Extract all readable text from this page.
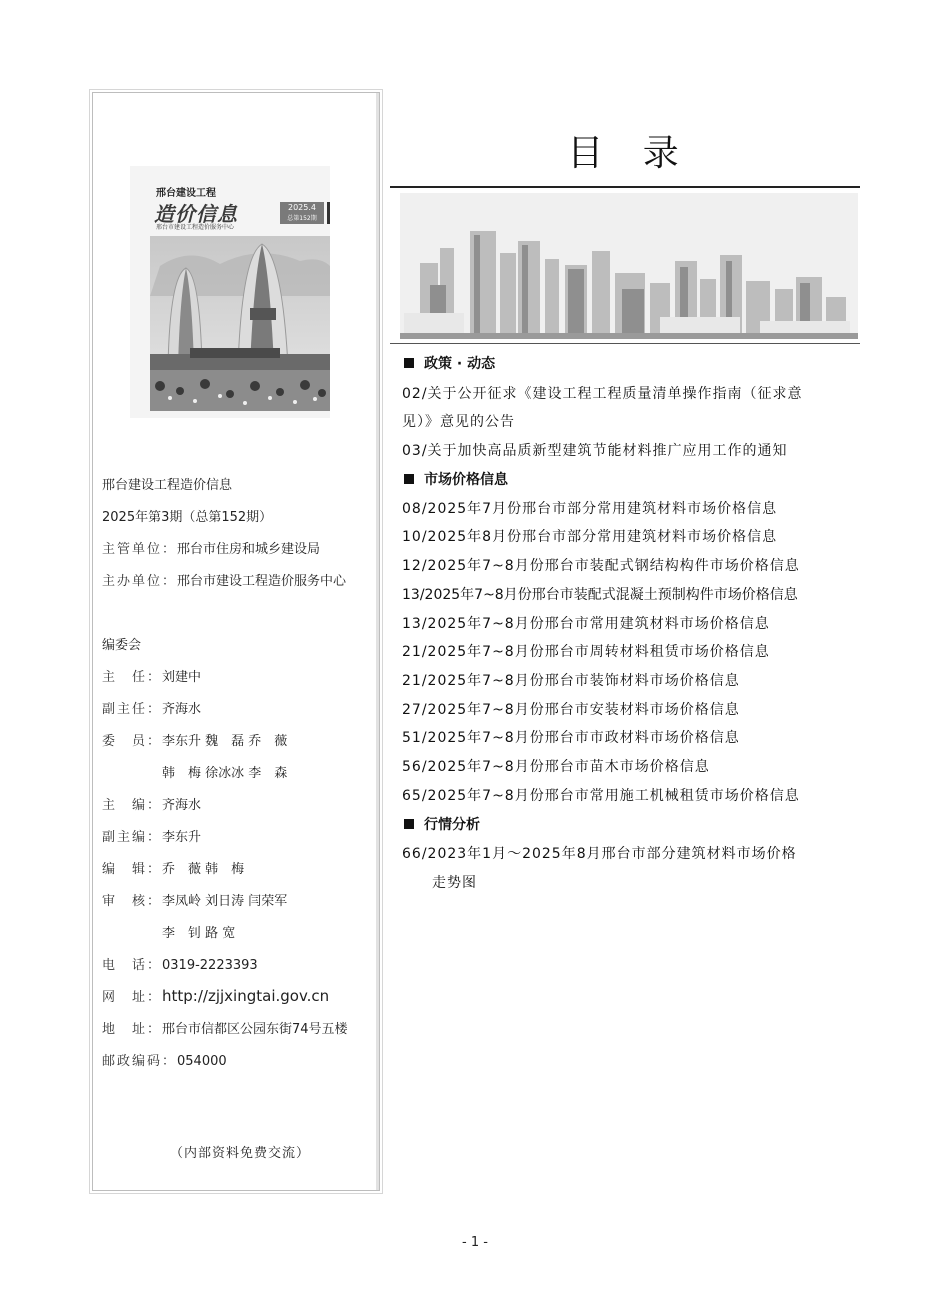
邢台建设工程
造价信息
邢台市建设工程造价服务中心
2025.4
总第152期
邢台建设工程造价信息
2025年第3期（总第152期）
主管单位：邢台市住房和城乡建设局
主办单位：邢台市建设工程造价服务中心
编委会
主　任：刘建中
副主任：齐海水
委　员：李东升 魏　磊 乔　薇
韩　梅 徐冰冰 李　森
主　编：齐海水
副主编：李东升
编　辑：乔　薇 韩　梅
审　核：李凤岭 刘日涛 闫荣军
李　钊 路 宽
电　话：0319-2223393
网　址：http://zjjxingtai.gov.cn
地　址：邢台市信都区公园东街74号五楼
邮政编码：054000
（内部资料免费交流）
目 录
政策 · 动态
02/关于公开征求《建设工程工程质量清单操作指南（征求意
见）》意见的公告
03/关于加快高品质新型建筑节能材料推广应用工作的通知
市场价格信息
08/2025年7月份邢台市部分常用建筑材料市场价格信息
10/2025年8月份邢台市部分常用建筑材料市场价格信息
12/2025年7~8月份邢台市装配式钢结构构件市场价格信息
13/2025年7~8月份邢台市装配式混凝土预制构件市场价格信息
13/2025年7~8月份邢台市常用建筑材料市场价格信息
21/2025年7~8月份邢台市周转材料租赁市场价格信息
21/2025年7~8月份邢台市装饰材料市场价格信息
27/2025年7~8月份邢台市安装材料市场价格信息
51/2025年7~8月份邢台市市政材料市场价格信息
56/2025年7~8月份邢台市苗木市场价格信息
65/2025年7~8月份邢台市常用施工机械租赁市场价格信息
行情分析
66/2023年1月～2025年8月邢台市部分建筑材料市场价格
走势图
- 1 -
